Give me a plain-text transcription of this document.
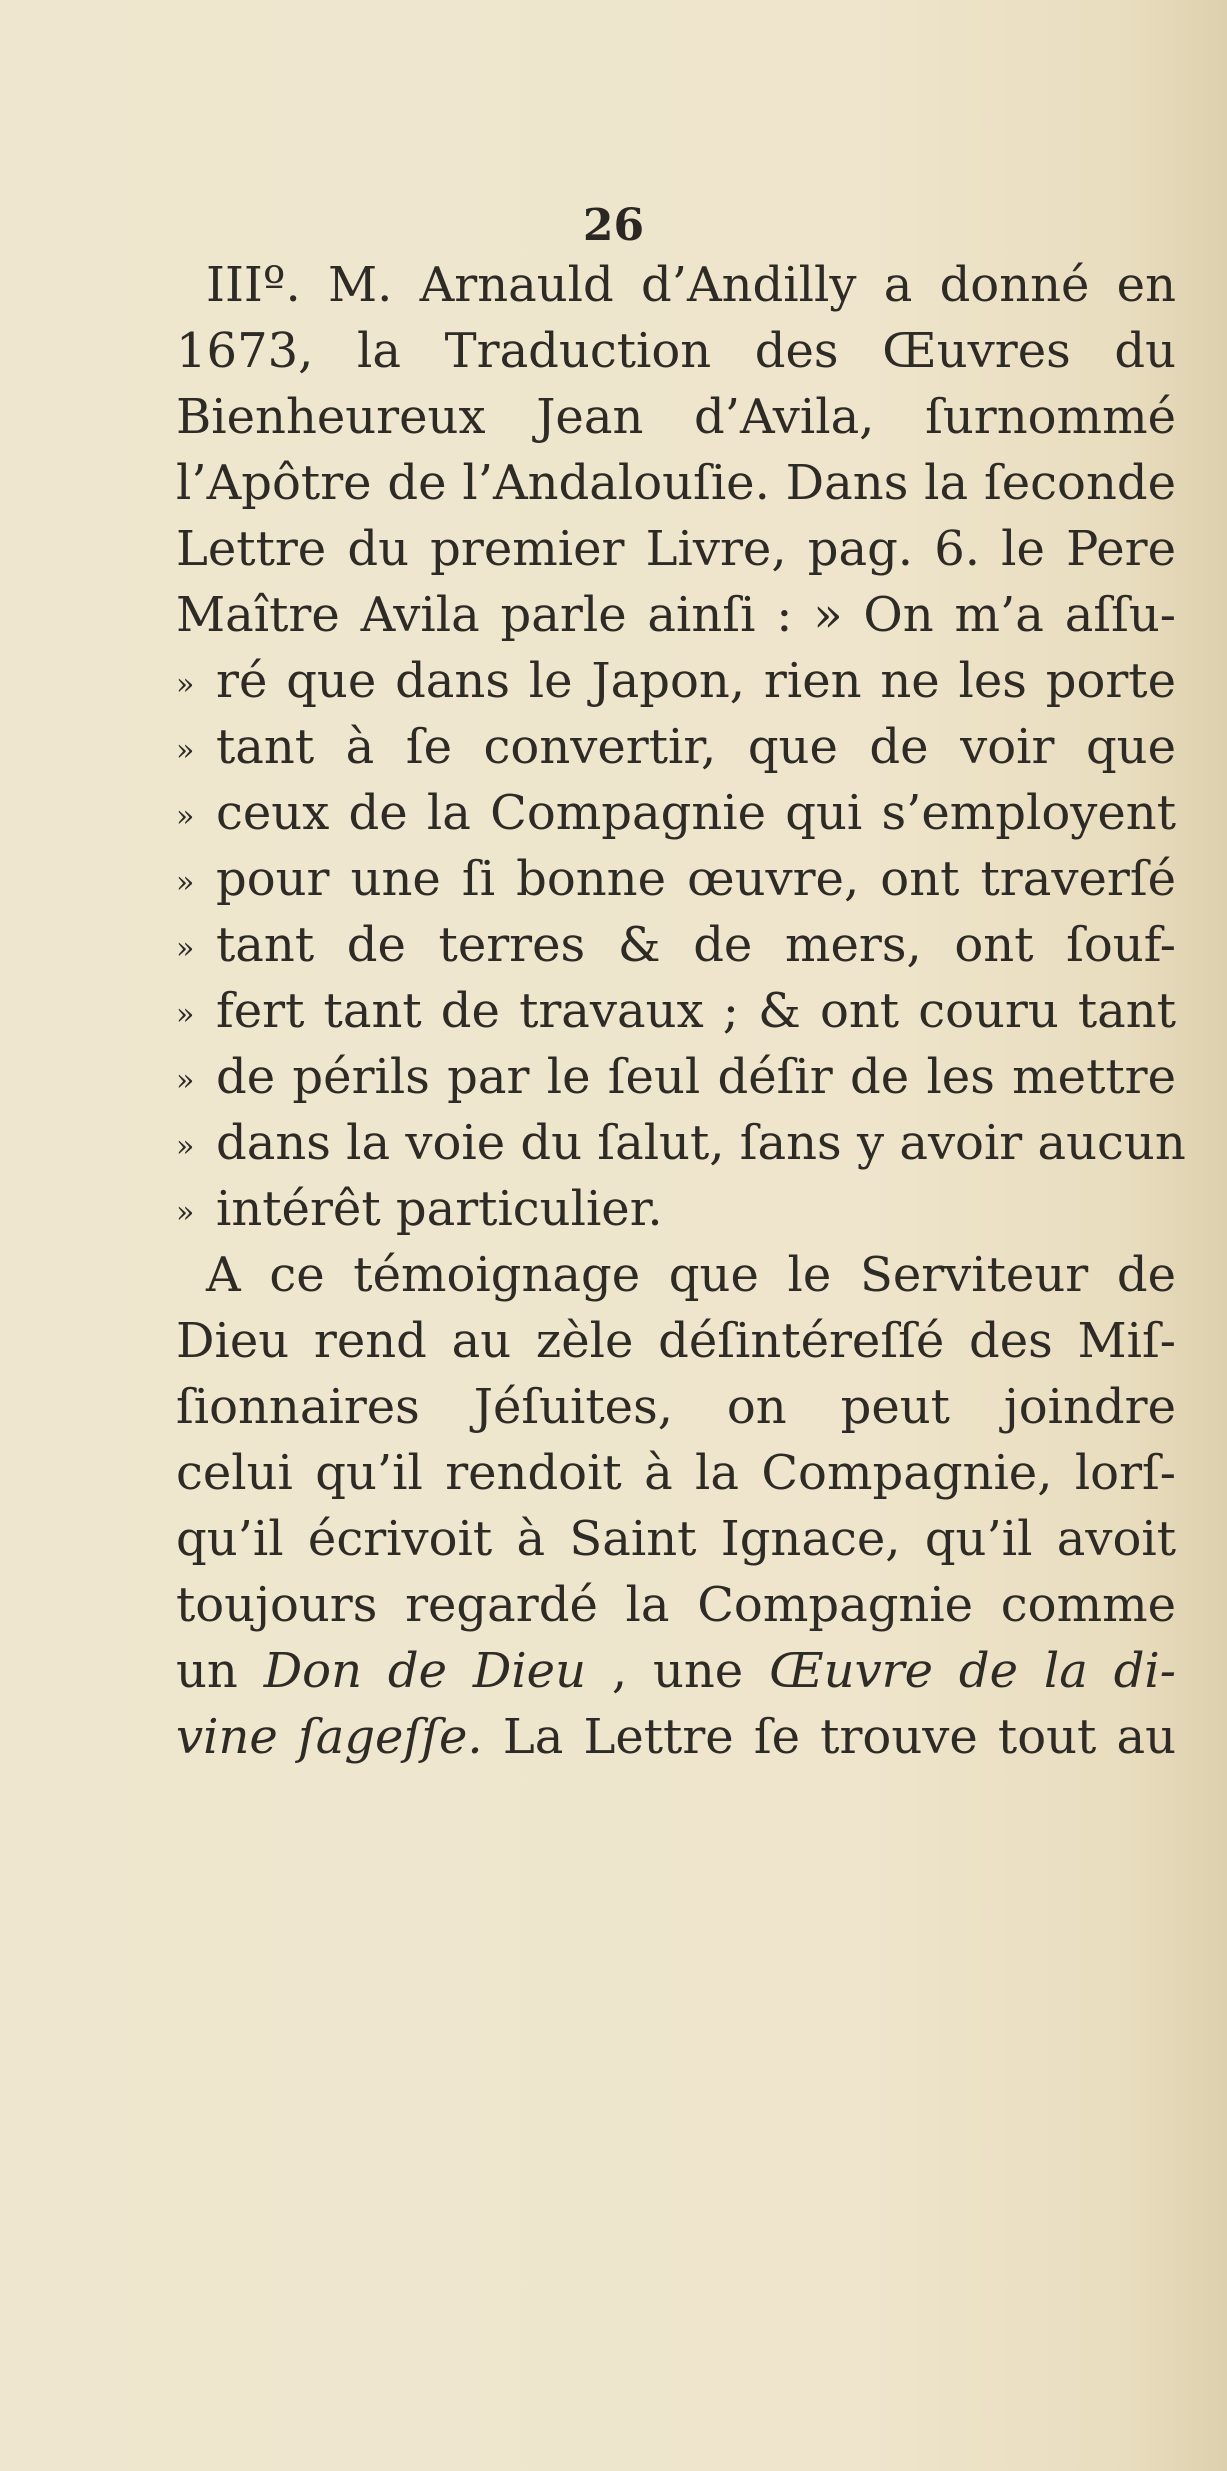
26
IIIº. M. Arnauld d’Andilly a donné en
1673, la Traduction des Œuvres du
Bienheureux Jean d’Avila, ſurnommé
l’Apôtre de l’Andalouſie. Dans la ſeconde
Lettre du premier Livre, pag. 6. le Pere
Maître Avila parle ainſi : » On m’a aſſu-
» ré que dans le Japon, rien ne les porte
» tant à ſe convertir, que de voir que
» ceux de la Compagnie qui s’employent
» pour une ſi bonne œuvre, ont traverſé
» tant de terres & de mers, ont ſouf-
» fert tant de travaux ; & ont couru tant
» de périls par le ſeul déſir de les mettre
» dans la voie du ſalut, ſans y avoir aucun
» intérêt particulier.
A ce témoignage que le Serviteur de
Dieu rend au zèle déſintéreſſé des Miſ-
ſionnaires Jéſuites, on peut joindre
celui qu’il rendoit à la Compagnie, lorſ-
qu’il écrivoit à Saint Ignace, qu’il avoit
toujours regardé la Compagnie comme
un Don de Dieu , une Œuvre de la di-
vine ſageſſe. La Lettre ſe trouve tout au
